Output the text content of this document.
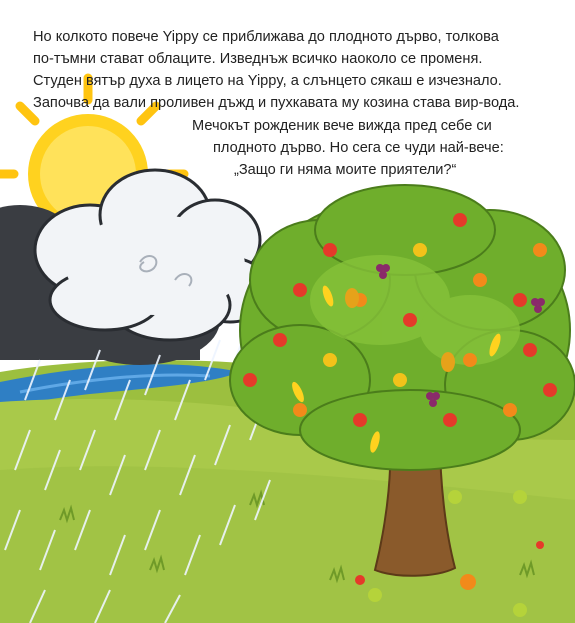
Но колкото повече Yippy се приближава до плодното дърво, толкова

по-тъмни стават облаците. Изведнъж всичко наоколо се променя.

Студен вятър духа в лицето на Yippy, а слънцето сякаш е изчезнало.

Започва да вали проливен дъжд и пухкавата му козина става вир-вода.

Мечокът рожденик вече вижда пред себе си

плодното дърво. Но сега се чуди най-вече:

„Защо ги няма моите приятели?“
